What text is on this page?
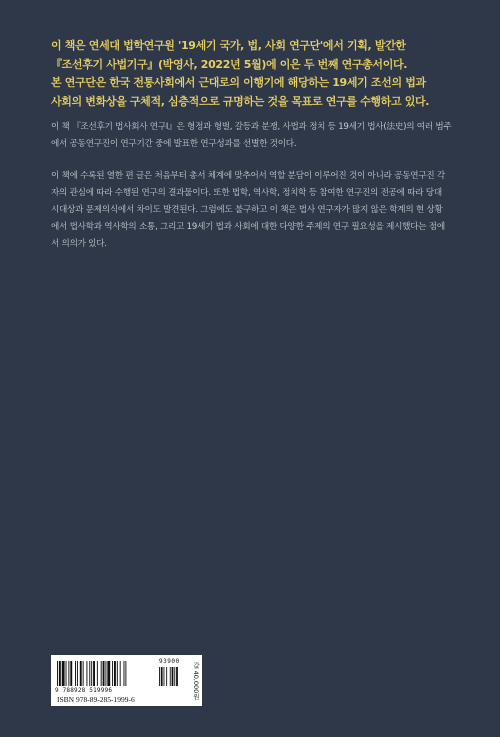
이 책은 연세대 법학연구원 '19세기 국가, 법, 사회 연구단'에서 기획, 발간한

『조선후기 사법기구』(박영사, 2022년 5월)에 이은 두 번째 연구총서이다.

본 연구단은 한국 전통사회에서 근대로의 이행기에 해당하는 19세기 조선의 법과

사회의 변화상을 구체적, 심층적으로 규명하는 것을 목표로 연구를 수행하고 있다.

이 책 『조선후기 법사회사 연구Ⅰ』은 형정과 형벌, 갈등과 분쟁, 사법과 정치 등 19세기 법사(法史)의 여러 범주

에서 공동연구진이 연구기간 중에 발표한 연구성과를 선별한 것이다.

이 책에 수록된 열한 편 글은 처음부터 총서 체계에 맞추어서 역할 분담이 이루어진 것이 아니라 공동연구진 각

자의 관심에 따라 수행된 연구의 결과물이다. 또한 법학, 역사학, 정치학 등 참여한 연구진의 전공에 따라 당대

시대상과 문제의식에서 차이도 발견된다. 그럼에도 불구하고 이 책은 법사 연구자가 많지 않은 학계의 현 상황

에서 법사학과 역사학의 소통, 그리고 19세기 법과 사회에 대한 다양한 주제의 연구 필요성을 제시했다는 점에

서 의의가 있다.

93900
9 788928 519996
ISBN 978-89-285-1999-6
값 40,000원
